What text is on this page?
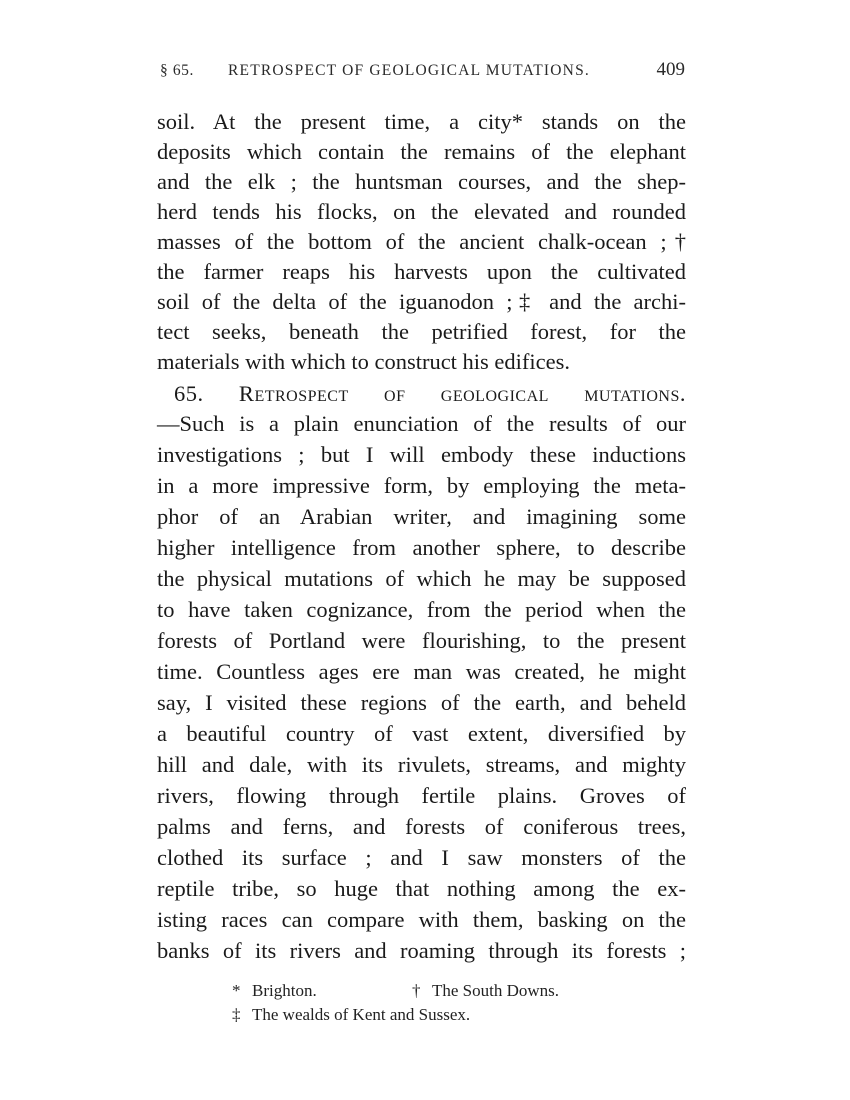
§ 65. RETROSPECT OF GEOLOGICAL MUTATIONS.	409
soil. At the present time, a city* stands on the
deposits which contain the remains of the elephant
and the elk ; the huntsman courses, and the shep-
herd tends his flocks, on the elevated and rounded
masses of the bottom of the ancient chalk-ocean ;†
the farmer reaps his harvests upon the cultivated
soil of the delta of the iguanodon ;‡ and the archi-
tect seeks, beneath the petrified forest, for the
materials with which to construct his edifices.
65. Retrospect of geological mutations.
—Such is a plain enunciation of the results of our
investigations ; but I will embody these inductions
in a more impressive form, by employing the meta-
phor of an Arabian writer, and imagining some
higher intelligence from another sphere, to describe
the physical mutations of which he may be supposed
to have taken cognizance, from the period when the
forests of Portland were flourishing, to the present
time. Countless ages ere man was created, he might
say, I visited these regions of the earth, and beheld
a beautiful country of vast extent, diversified by
hill and dale, with its rivulets, streams, and mighty
rivers, flowing through fertile plains. Groves of
palms and ferns, and forests of coniferous trees,
clothed its surface ; and I saw monsters of the
reptile tribe, so huge that nothing among the ex-
isting races can compare with them, basking on the
banks of its rivers and roaming through its forests ;
* Brighton.	† The South Downs.
‡ The wealds of Kent and Sussex.
